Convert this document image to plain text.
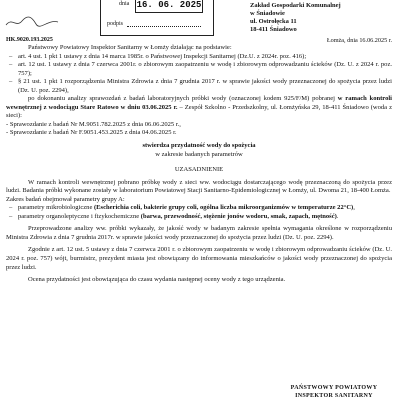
dnia 16. 06. 2025
podpis
Zakład Gospodarki Komunalnej
w Śniadowie
ul. Ostrołęcka 11
18-411 Śniadowo
HK.9020.193.2025	Łomża, dnia 16.06.2025 r.

Państwowy Powiatowy Inspektor Sanitarny w Łomży działając na podstawie:

– art. 4 ust. 1 pkt 1 ustawy z dnia 14 marca 1985r. o Państwowej Inspekcji Sanitarnej (Dz.U. z 2024r. poz. 416);
– art. 12 ust. 1 ustawy z dnia 7 czerwca 2001r. o zbiorowym zaopatrzeniu w wodę i zbiorowym odprowadzaniu ścieków (Dz. U. z 2024 r. poz. 757);
– § 21 ust. 1 pkt 1 rozporządzenia Ministra Zdrowia z dnia 7 grudnia 2017 r. w sprawie jakości wody przeznaczonej do spożycia przez ludzi (Dz. U. poz. 2294),

po dokonaniu analizy sprawozdań z badań laboratoryjnych próbki wody (oznaczonej kodem 925/F/M) pobranej w ramach kontroli wewnętrznej z wodociągu Stare Ratowo w dniu 03.06.2025 r. – Zespół Szkolno - Przedszkolny, ul. Łomżyńska 29, 18-411 Śniadowo (woda z sieci):

- Sprawozdanie z badań Nr M.9051.782.2025 z dnia 06.06.2025 r.,

- Sprawozdanie z badań Nr F.9051.453.2025 z dnia 04.06.2025 r.

stwierdza przydatność wody do spożycia

w zakresie badanych parametrów

UZASADNIENIE

W ramach kontroli wewnętrznej pobrano próbkę wody z sieci ww. wodociągu dostarczającego wodę przeznaczoną do spożycia przez ludzi. Badania próbki wykonane zostały w laboratorium Powiatowej Stacji Sanitarno-Epidemiologicznej w Łomży, ul. Dwoma 21, 18-400 Łomża.

Zakres badań obejmował parametry grupy A:

– parametry mikrobiologiczne (Escherichia coli, bakterie grupy coli, ogólna liczba mikroorganizmów w temperaturze 22°C),
– parametry organoleptyczne i fizykochemiczne (barwa, przewodność, stężenie jonów wodoru, smak, zapach, mętność).

Przeprowadzone analizy ww. próbki wykazały, że jakość wody w badanym zakresie spełnia wymagania określone w rozporządzeniu Ministra Zdrowia z dnia 7 grudnia 2017r. w sprawie jakości wody przeznaczonej do spożycia przez ludzi (Dz. U. poz. 2294).

Zgodnie z art. 12 ust. 5 ustawy z dnia 7 czerwca 2001 r. o zbiorowym zaopatrzeniu w wodę i zbiorowym odprowadzaniu ścieków (Dz. U. 2024 r. poz. 757) wójt, burmistrz, prezydent miasta jest obowiązany do informowania mieszkańców o jakości wody przeznaczonej do spożycia przez ludzi.

Ocena przydatności jest obowiązująca do czasu wydania następnej oceny wody z tego urządzenia.

PAŃSTWOWY POWIATOWY
INSPEKTOR SANITARNY
